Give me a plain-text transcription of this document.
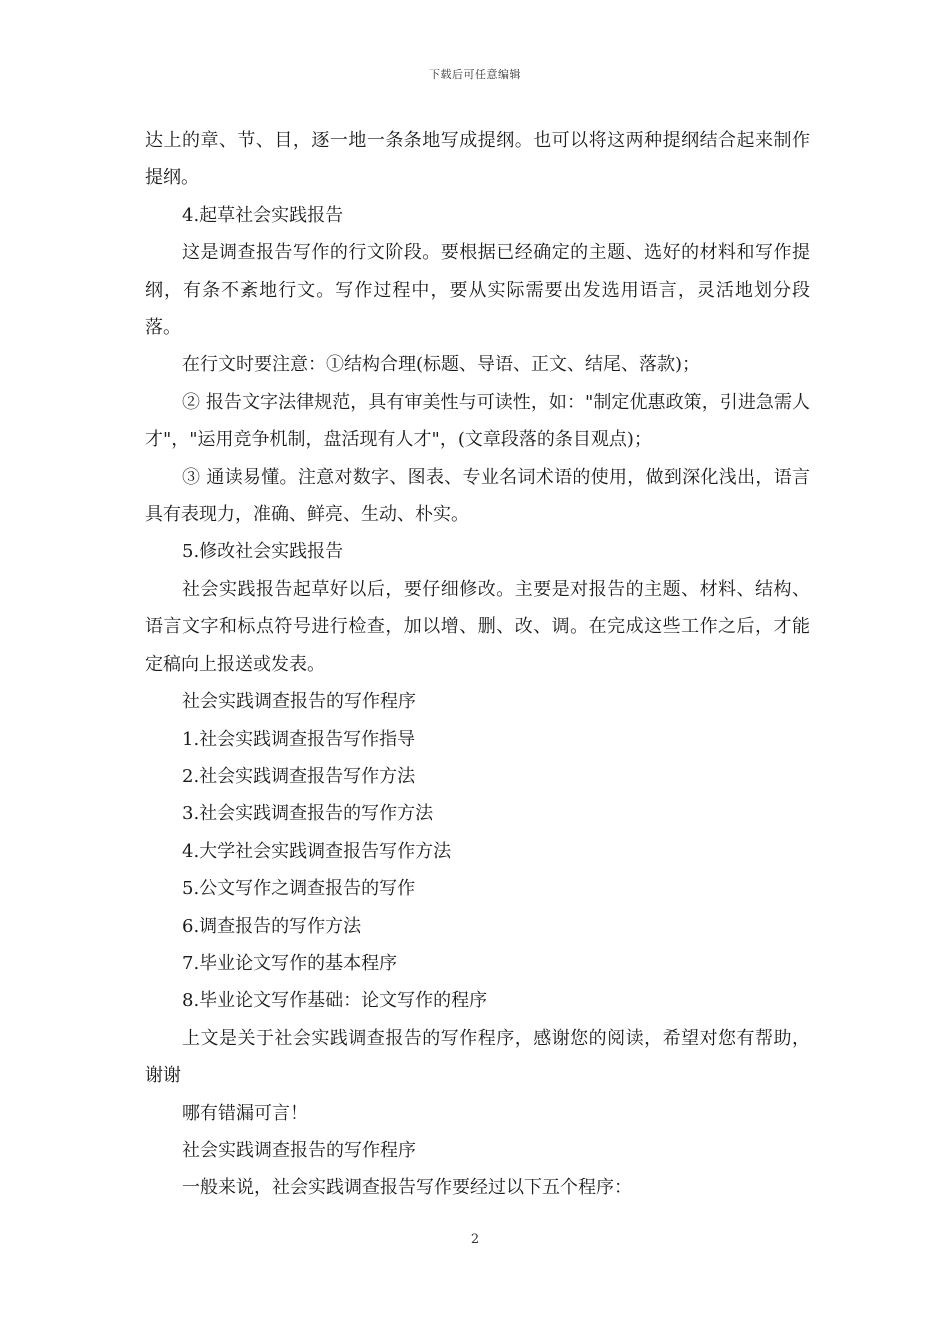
下载后可任意编辑

达上的章、节、目，逐一地一条条地写成提纲。也可以将这两种提纲结合起来制作提纲。

4.起草社会实践报告

这是调查报告写作的行文阶段。要根据已经确定的主题、选好的材料和写作提纲，有条不紊地行文。写作过程中，要从实际需要出发选用语言，灵活地划分段落。

在行文时要注意：①结构合理(标题、导语、正文、结尾、落款)；

② 报告文字法律规范，具有审美性与可读性，如："制定优惠政策，引进急需人才"，"运用竞争机制，盘活现有人才"，(文章段落的条目观点)；

③ 通读易懂。注意对数字、图表、专业名词术语的使用，做到深化浅出，语言具有表现力，准确、鲜亮、生动、朴实。

5.修改社会实践报告

社会实践报告起草好以后，要仔细修改。主要是对报告的主题、材料、结构、语言文字和标点符号进行检查，加以增、删、改、调。在完成这些工作之后，才能定稿向上报送或发表。

社会实践调查报告的写作程序

1.社会实践调查报告写作指导

2.社会实践调查报告写作方法

3.社会实践调查报告的写作方法

4.大学社会实践调查报告写作方法

5.公文写作之调查报告的写作

6.调查报告的写作方法

7.毕业论文写作的基本程序

8.毕业论文写作基础：论文写作的程序

上文是关于社会实践调查报告的写作程序，感谢您的阅读，希望对您有帮助，谢谢

哪有错漏可言！

社会实践调查报告的写作程序

一般来说，社会实践调查报告写作要经过以下五个程序：

2
